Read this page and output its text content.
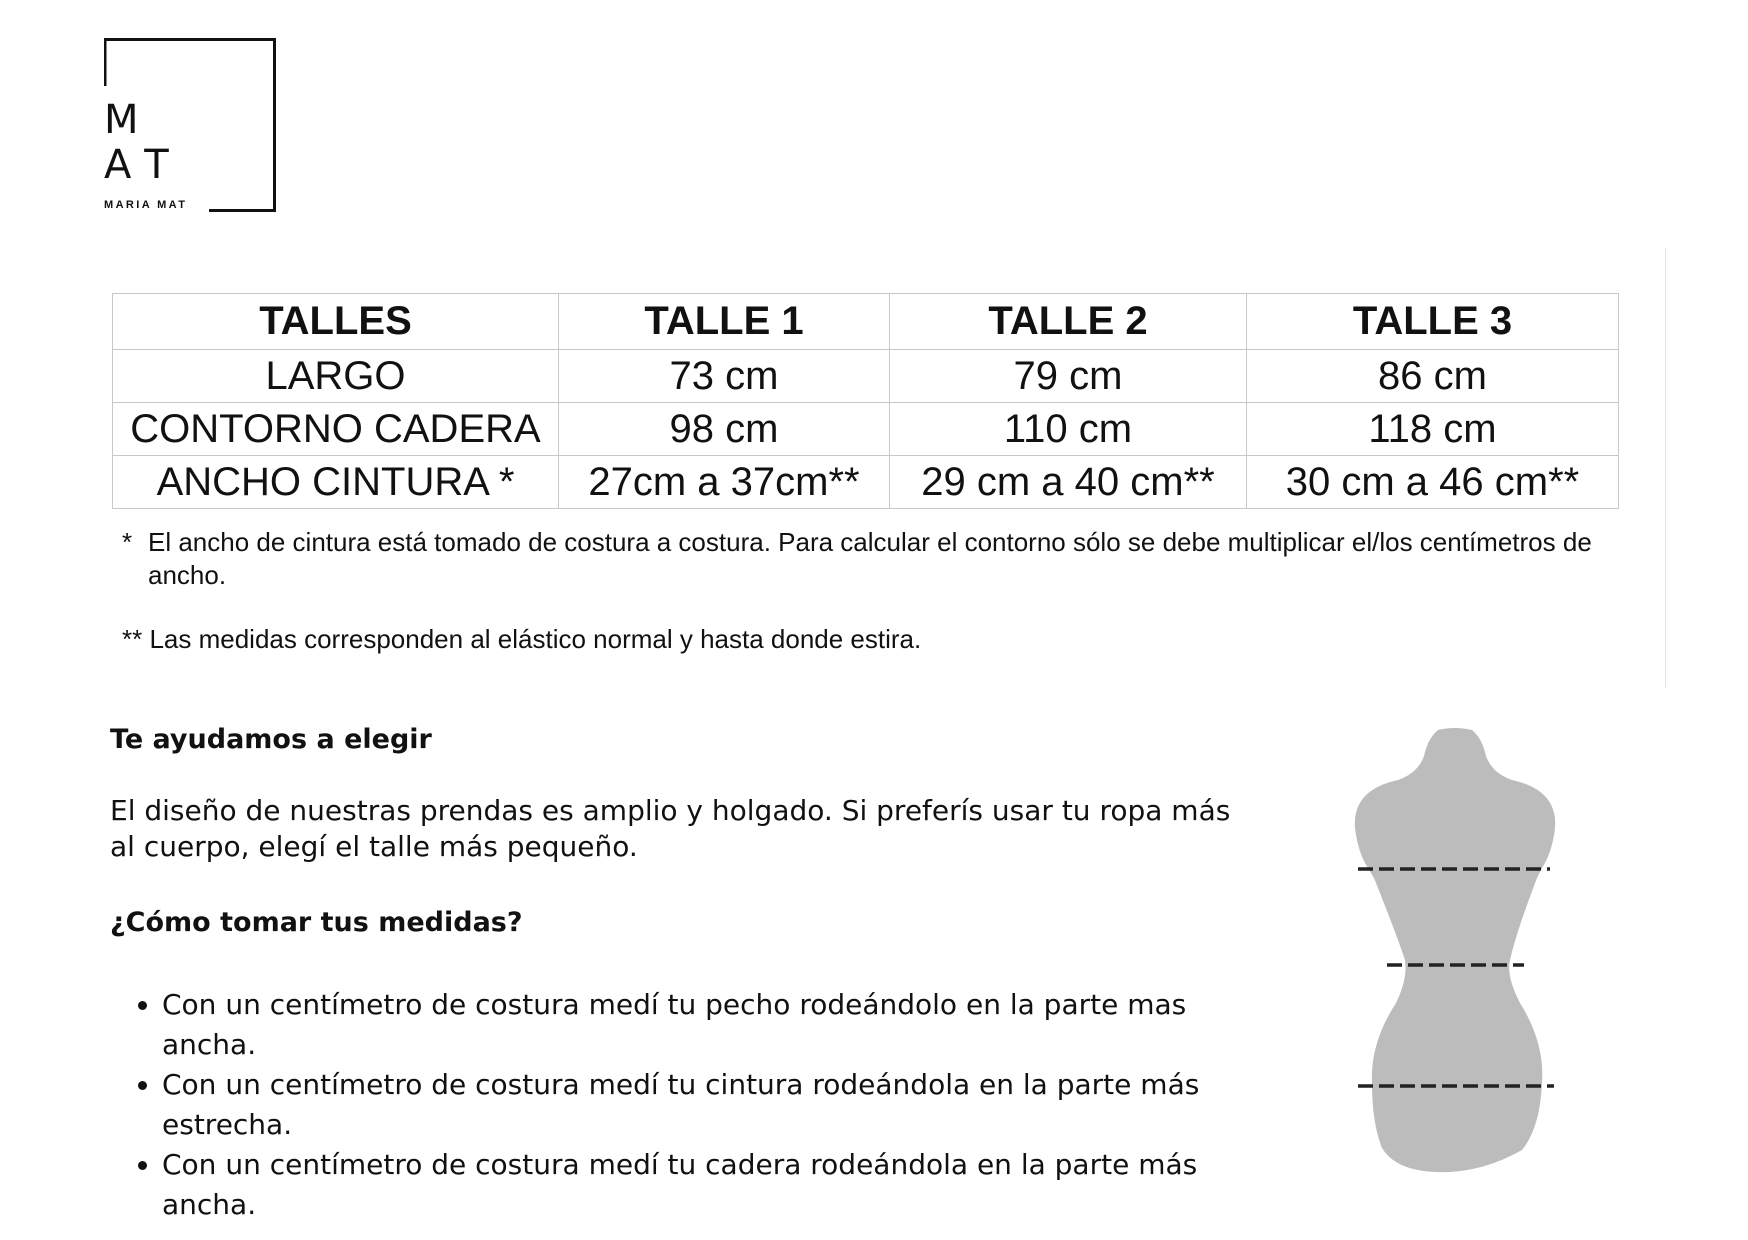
M
AT
MARIA MAT
TALLES	TALLE 1	TALLE 2	TALLE 3
LARGO	73 cm	79 cm	86 cm
CONTORNO CADERA	98 cm	110 cm	118 cm
ANCHO CINTURA *	27cm a 37cm**	29 cm a 40 cm**	30 cm a 46 cm**
* El ancho de cintura está tomado de costura a costura. Para calcular el contorno sólo se debe multiplicar el/los centímetros de ancho.
** Las medidas corresponden al elástico normal y hasta donde estira.
Te ayudamos a elegir
El diseño de nuestras prendas es amplio y holgado. Si preferís usar tu ropa más al cuerpo, elegí el talle más pequeño.
¿Cómo tomar tus medidas?
• Con un centímetro de costura medí tu pecho rodeándolo en la parte mas ancha.
• Con un centímetro de costura medí tu cintura rodeándola en la parte más estrecha.
• Con un centímetro de costura medí tu cadera rodeándola en la parte más ancha.
